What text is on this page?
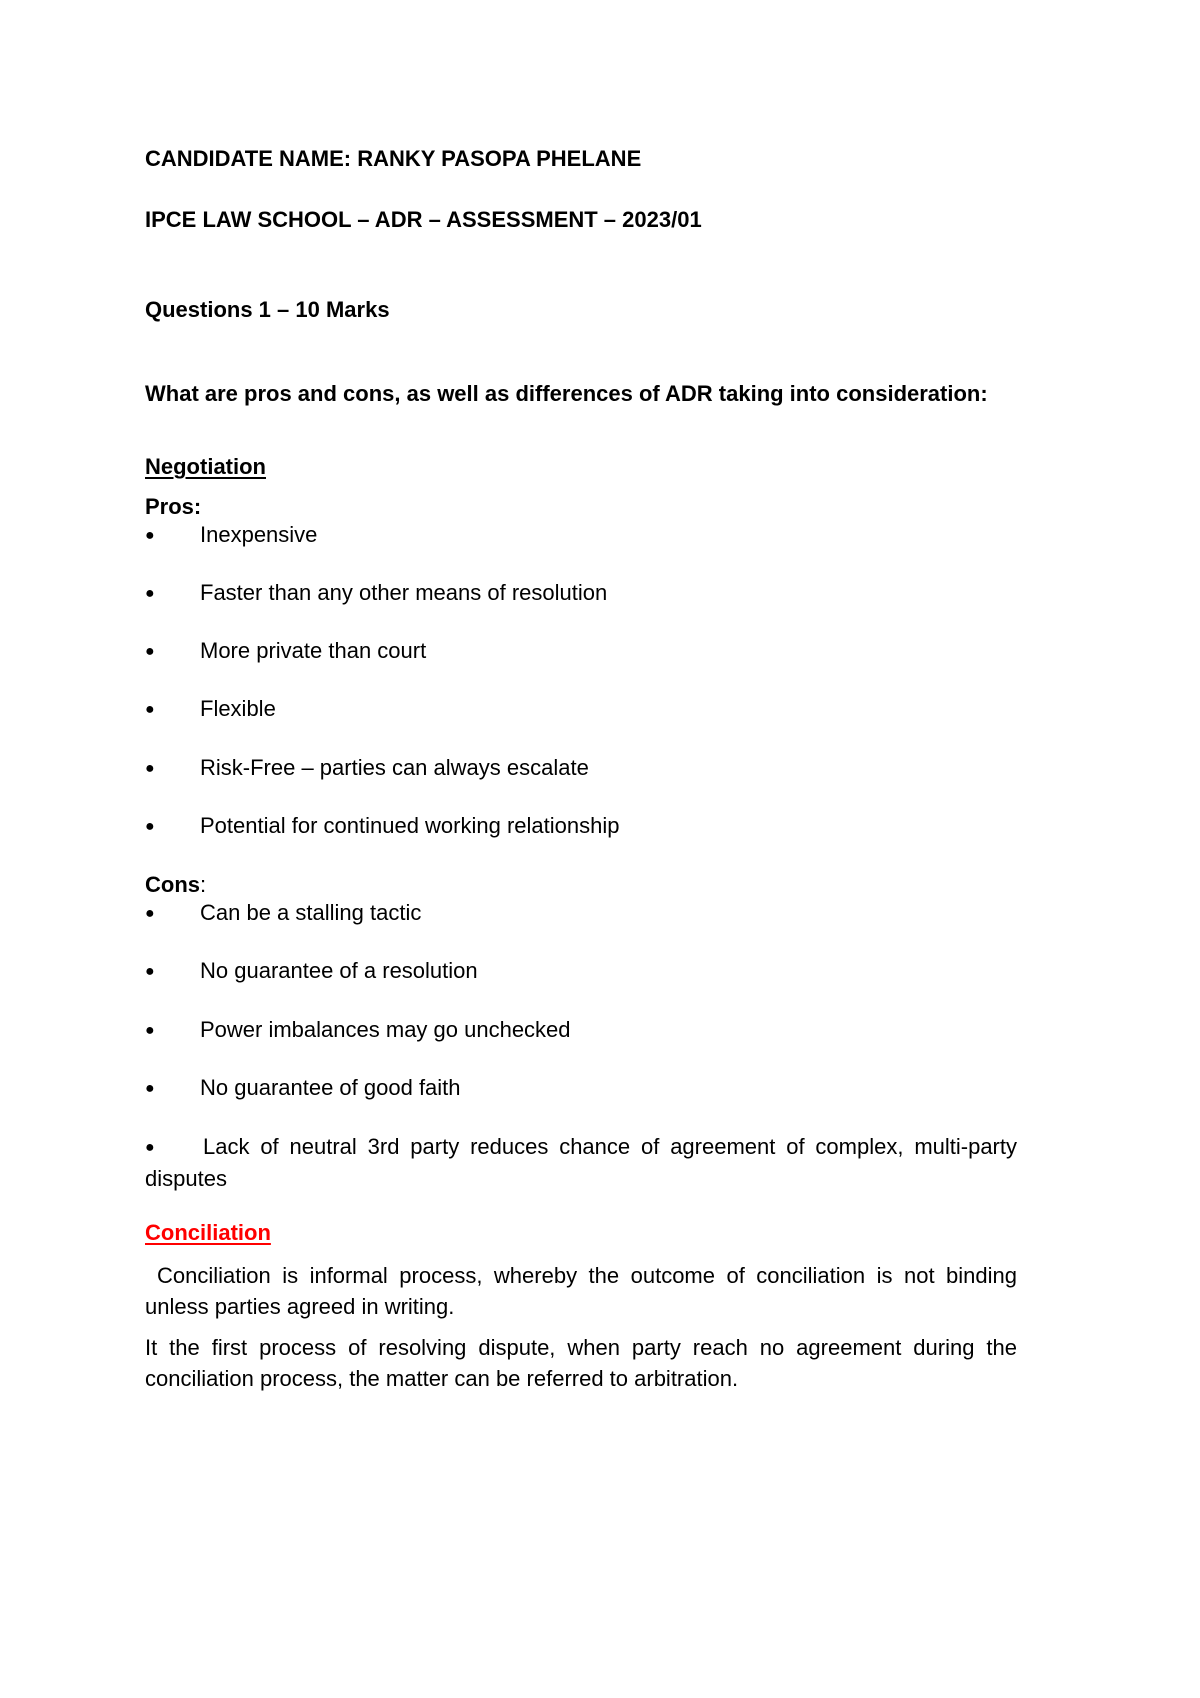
CANDIDATE NAME: RANKY PASOPA PHELANE
IPCE LAW SCHOOL – ADR – ASSESSMENT – 2023/01
Questions 1 – 10 Marks
What are pros and cons, as well as differences of ADR taking into consideration:
Negotiation
Pros:
●	Inexpensive
●	Faster than any other means of resolution
●	More private than court
●	Flexible
●	Risk-Free – parties can always escalate
●	Potential for continued working relationship
Cons:
●	Can be a stalling tactic
●	No guarantee of a resolution
●	Power imbalances may go unchecked
●	No guarantee of good faith
● Lack of neutral 3rd party reduces chance of agreement of complex, multi-party disputes
Conciliation
Conciliation is informal process, whereby the outcome of conciliation is not binding unless parties agreed in writing.
It the first process of resolving dispute, when party reach no agreement during the conciliation process, the matter can be referred to arbitration.
